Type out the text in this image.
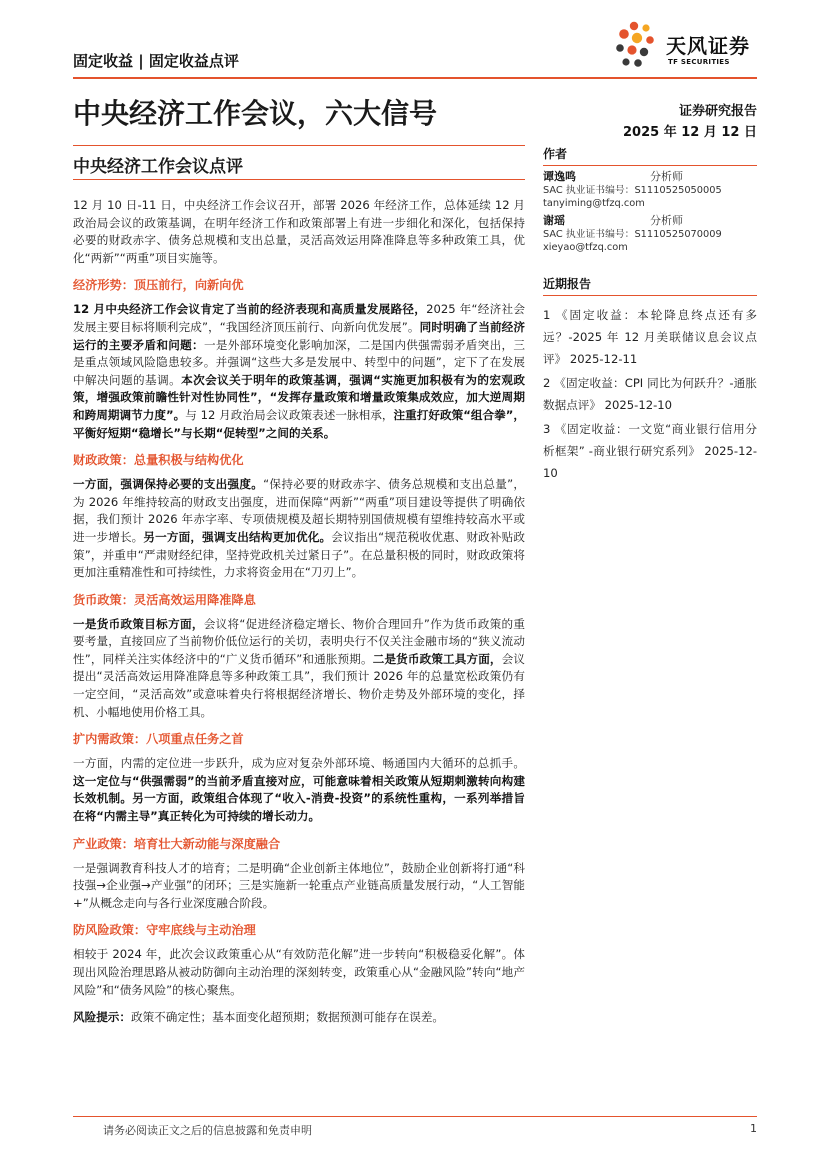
固定收益 | 固定收益点评
天风证券
TF SECURITIES
中央经济工作会议，六大信号	证券研究报告
2025 年 12 月 12 日
中央经济工作会议点评

12 月 10 日-11 日，中央经济工作会议召开，部署 2026 年经济工作，总体延续 12 月政治局会议的政策基调，在明年经济工作和政策部署上有进一步细化和深化，包括保持必要的财政赤字、债务总规模和支出总量，灵活高效运用降准降息等多种政策工具，优化“两新”“两重”项目实施等。

经济形势：顶压前行，向新向优

12 月中央经济工作会议肯定了当前的经济表现和高质量发展路径，2025 年“经济社会发展主要目标将顺利完成”，“我国经济顶压前行、向新向优发展”。同时明确了当前经济运行的主要矛盾和问题：一是外部环境变化影响加深，二是国内供强需弱矛盾突出，三是重点领域风险隐患较多。并强调“这些大多是发展中、转型中的问题”，定下了在发展中解决问题的基调。本次会议关于明年的政策基调，强调“实施更加积极有为的宏观政策，增强政策前瞻性针对性协同性”，“发挥存量政策和增量政策集成效应，加大逆周期和跨周期调节力度”。与 12 月政治局会议政策表述一脉相承，注重打好政策“组合拳”，平衡好短期“稳增长”与长期“促转型”之间的关系。

财政政策：总量积极与结构优化

一方面，强调保持必要的支出强度。“保持必要的财政赤字、债务总规模和支出总量”，为 2026 年维持较高的财政支出强度，进而保障“两新”“两重”项目建设等提供了明确依据，我们预计 2026 年赤字率、专项债规模及超长期特别国债规模有望维持较高水平或进一步增长。另一方面，强调支出结构更加优化。会议指出“规范税收优惠、财政补贴政策”，并重申“严肃财经纪律，坚持党政机关过紧日子”。在总量积极的同时，财政政策将更加注重精准性和可持续性，力求将资金用在“刀刃上”。

货币政策：灵活高效运用降准降息

一是货币政策目标方面，会议将“促进经济稳定增长、物价合理回升”作为货币政策的重要考量，直接回应了当前物价低位运行的关切，表明央行不仅关注金融市场的“狭义流动性”，同样关注实体经济中的“广义货币循环”和通胀预期。二是货币政策工具方面，会议提出“灵活高效运用降准降息等多种政策工具”，我们预计 2026 年的总量宽松政策仍有一定空间，“灵活高效”或意味着央行将根据经济增长、物价走势及外部环境的变化，择机、小幅地使用价格工具。

扩内需政策：八项重点任务之首

一方面，内需的定位进一步跃升，成为应对复杂外部环境、畅通国内大循环的总抓手。这一定位与“供强需弱”的当前矛盾直接对应，可能意味着相关政策从短期刺激转向构建长效机制。另一方面，政策组合体现了“收入-消费-投资”的系统性重构，一系列举措旨在将“内需主导”真正转化为可持续的增长动力。

产业政策：培育壮大新动能与深度融合

一是强调教育科技人才的培育；二是明确“企业创新主体地位”，鼓励企业创新将打通“科技强→企业强→产业强”的闭环；三是实施新一轮重点产业链高质量发展行动，“人工智能+”从概念走向与各行业深度融合阶段。

防风险政策：守牢底线与主动治理

相较于 2024 年，此次会议政策重心从“有效防范化解”进一步转向“积极稳妥化解”。体现出风险治理思路从被动防御向主动治理的深刻转变，政策重心从“金融风险”转向“地产风险”和“债务风险”的核心聚焦。

风险提示：政策不确定性；基本面变化超预期；数据预测可能存在误差。

作者
谭逸鸣	分析师
SAC 执业证书编号：S1110525050005
tanyiming@tfzq.com
谢瑶	分析师
SAC 执业证书编号：S1110525070009
xieyao@tfzq.com
近期报告

1 《固定收益：本轮降息终点还有多远？-2025 年 12 月美联储议息会议点评》 2025-12-11

2 《固定收益：CPI 同比为何跃升？-通胀数据点评》 2025-12-10

3 《固定收益：一文览“商业银行信用分析框架” -商业银行研究系列》 2025-12-10

请务必阅读正文之后的信息披露和免责申明	1
